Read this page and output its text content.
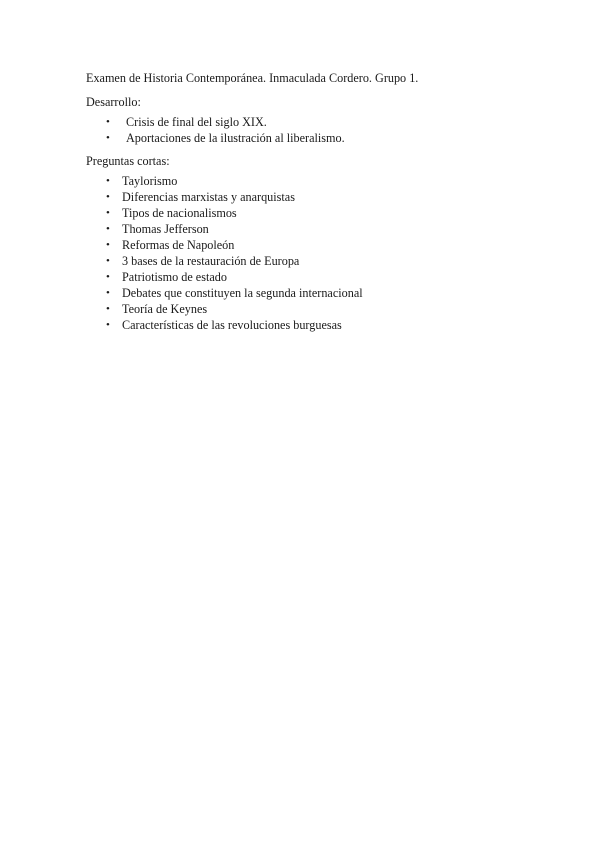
Examen de Historia Contemporánea. Inmaculada Cordero. Grupo 1.

Desarrollo:

• Crisis de final del siglo XIX.
• Aportaciones de la ilustración al liberalismo.

Preguntas cortas:

• Taylorismo
• Diferencias marxistas y anarquistas
• Tipos de nacionalismos
• Thomas Jefferson
• Reformas de Napoleón
• 3 bases de la restauración de Europa
• Patriotismo de estado
• Debates que constituyen la segunda internacional
• Teoría de Keynes
• Características de las revoluciones burguesas
